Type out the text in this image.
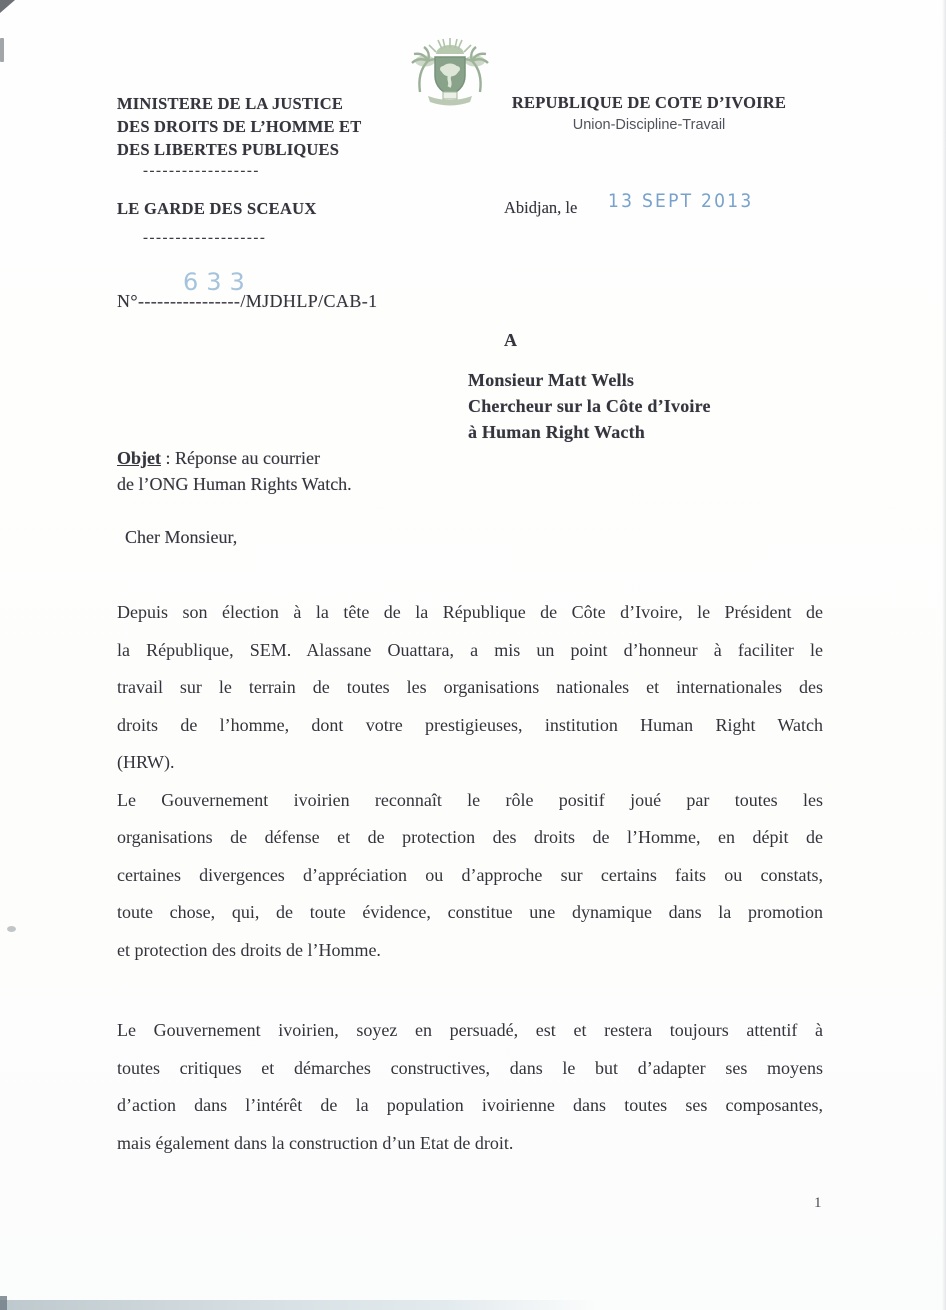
MINISTERE DE LA JUSTICE
DES DROITS DE L’HOMME ET
DES LIBERTES PUBLIQUES
REPUBLIQUE DE COTE D’IVOIRE
Union-Discipline-Travail
------------------
LE GARDE DES SCEAUX
-------------------
Abidjan, le 13 SEPT 2013
N°----------------/MJDHLP/CAB-1
633
A
Monsieur Matt Wells
Chercheur sur la Côte d’Ivoire
à Human Right Wacth
Objet : Réponse au courrier
de l’ONG Human Rights Watch.
Cher Monsieur,
Depuis son élection à la tête de la République de Côte d’Ivoire, le Président de
la République, SEM. Alassane Ouattara, a mis un point d’honneur à faciliter le
travail sur le terrain de toutes les organisations nationales et internationales des
droits de l’homme, dont votre prestigieuses, institution Human Right Watch
(HRW).
Le Gouvernement ivoirien reconnaît le rôle positif joué par toutes les
organisations de défense et de protection des droits de l’Homme, en dépit de
certaines divergences d’appréciation ou d’approche sur certains faits ou constats,
toute chose, qui, de toute évidence, constitue une dynamique dans la promotion
et protection des droits de l’Homme.
Le Gouvernement ivoirien, soyez en persuadé, est et restera toujours attentif à
toutes critiques et démarches constructives, dans le but d’adapter ses moyens
d’action dans l’intérêt de la population ivoirienne dans toutes ses composantes,
mais également dans la construction d’un Etat de droit.
1
